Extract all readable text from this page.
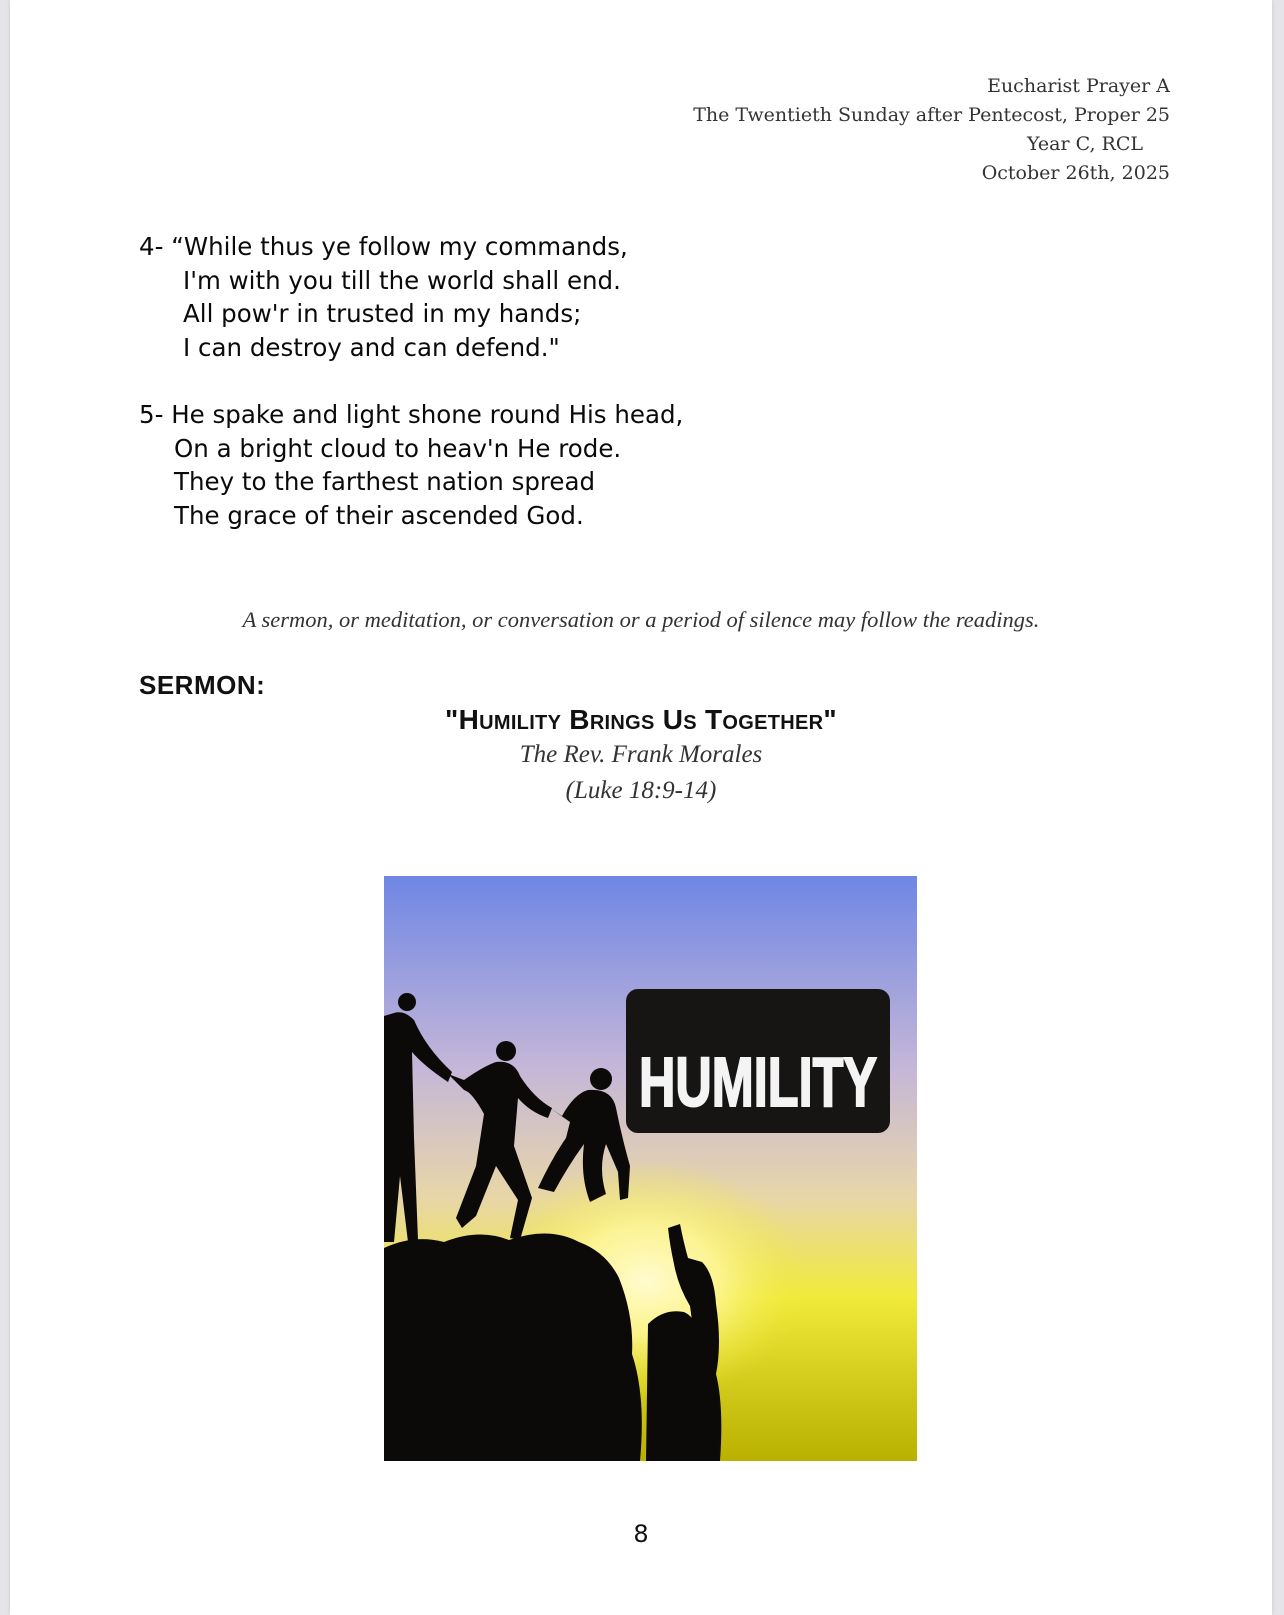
Eucharist Prayer A
The Twentieth Sunday after Pentecost, Proper 25
Year C, RCL
October 26th, 2025
4- “While thus ye follow my commands,
I'm with you till the world shall end.
All pow'r in trusted in my hands;
I can destroy and can defend."
5- He spake and light shone round His head,
On a bright cloud to heav'n He rode.
They to the farthest nation spread
The grace of their ascended God.
A sermon, or meditation, or conversation or a period of silence may follow the readings.
SERMON:
"Humility Brings Us Together"
The Rev. Frank Morales
(Luke 18:9-14)
HUMILITY
8
